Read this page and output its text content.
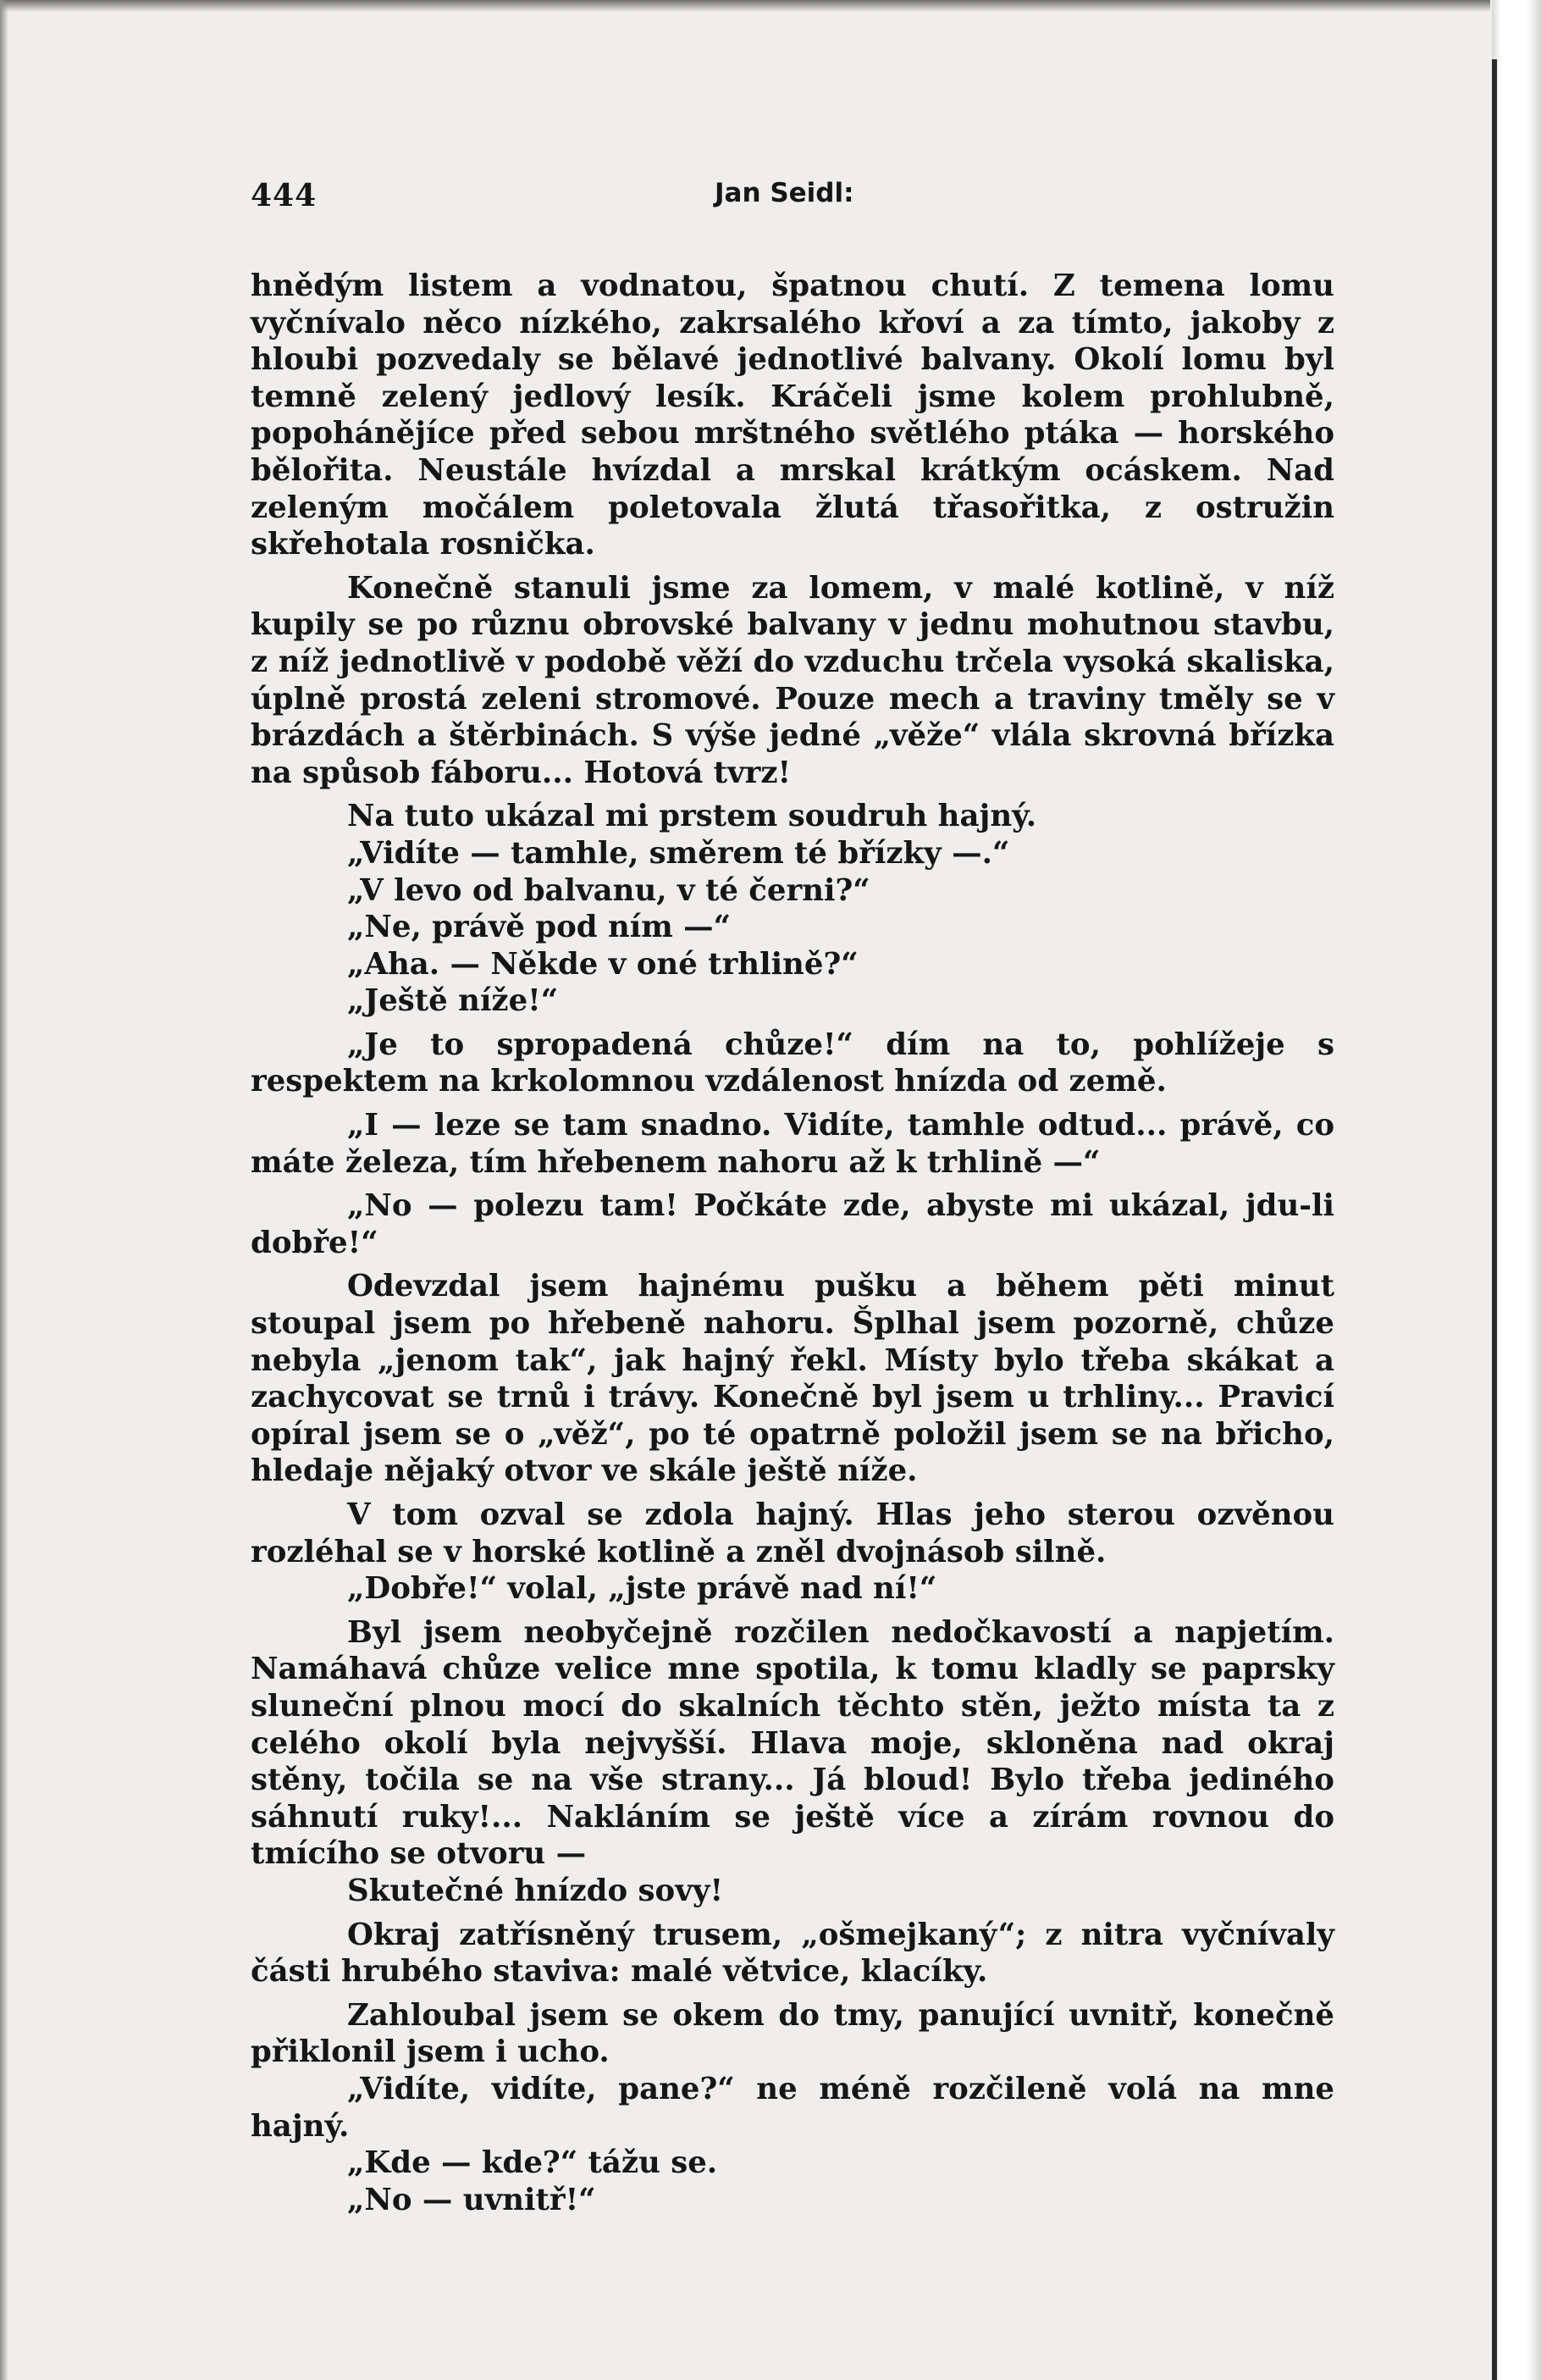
444	Jan Seidl:

hnědým listem a vodnatou, špatnou chutí. Z temena lomu vyčnívalo něco nízkého, zakrsalého křoví a za tímto, jakoby z hloubi pozvedaly se bělavé jednotlivé balvany. Okolí lomu byl temně zelený jedlový lesík. Kráčeli jsme kolem prohlubně, popohánějíce před sebou mrštného světlého ptáka — horského bělořita. Neustále hvízdal a mrskal krátkým ocáskem. Nad zeleným močálem poletovala žlutá třasořitka, z ostružin skřehotala rosnička.

Konečně stanuli jsme za lomem, v malé kotlině, v níž kupily se po různu obrovské balvany v jednu mohutnou stavbu, z níž jednotlivě v podobě věží do vzduchu trčela vysoká skaliska, úplně prostá zeleni stromové. Pouze mech a traviny tměly se v brázdách a štěrbinách. S výše jedné „věže“ vlála skrovná břízka na spůsob fáboru... Hotová tvrz!

Na tuto ukázal mi prstem soudruh hajný.

„Vidíte — tamhle, směrem té břízky —.“

„V levo od balvanu, v té černi?“

„Ne, právě pod ním —“

„Aha. — Někde v oné trhlině?“

„Ještě níže!“

„Je to spropadená chůze!“ dím na to, pohlížeje s respektem na krkolomnou vzdálenost hnízda od země.

„I — leze se tam snadno. Vidíte, tamhle odtud... právě, co máte železa, tím hřebenem nahoru až k trhlině —“

„No — polezu tam! Počkáte zde, abyste mi ukázal, jdu-li dobře!“

Odevzdal jsem hajnému pušku a během pěti minut stoupal jsem po hřebeně nahoru. Šplhal jsem pozorně, chůze nebyla „jenom tak“, jak hajný řekl. Místy bylo třeba skákat a zachycovat se trnů i trávy. Konečně byl jsem u trhliny... Pravicí opíral jsem se o „věž“, po té opatrně položil jsem se na břicho, hledaje nějaký otvor ve skále ještě níže.

V tom ozval se zdola hajný. Hlas jeho sterou ozvěnou rozléhal se v horské kotlině a zněl dvojnásob silně.

„Dobře!“ volal, „jste právě nad ní!“

Byl jsem neobyčejně rozčilen nedočkavostí a napjetím. Namáhavá chůze velice mne spotila, k tomu kladly se paprsky sluneční plnou mocí do skalních těchto stěn, ježto místa ta z celého okolí byla nejvyšší. Hlava moje, skloněna nad okraj stěny, točila se na vše strany... Já bloud! Bylo třeba jediného sáhnutí ruky!... Nakláním se ještě více a zírám rovnou do tmícího se otvoru —

Skutečné hnízdo sovy!

Okraj zatřísněný trusem, „ošmejkaný“; z nitra vyčnívaly části hrubého staviva: malé větvice, klacíky.

Zahloubal jsem se okem do tmy, panující uvnitř, konečně přiklonil jsem i ucho.

„Vidíte, vidíte, pane?“ ne méně rozčileně volá na mne hajný.

„Kde — kde?“ tážu se.

„No — uvnitř!“
